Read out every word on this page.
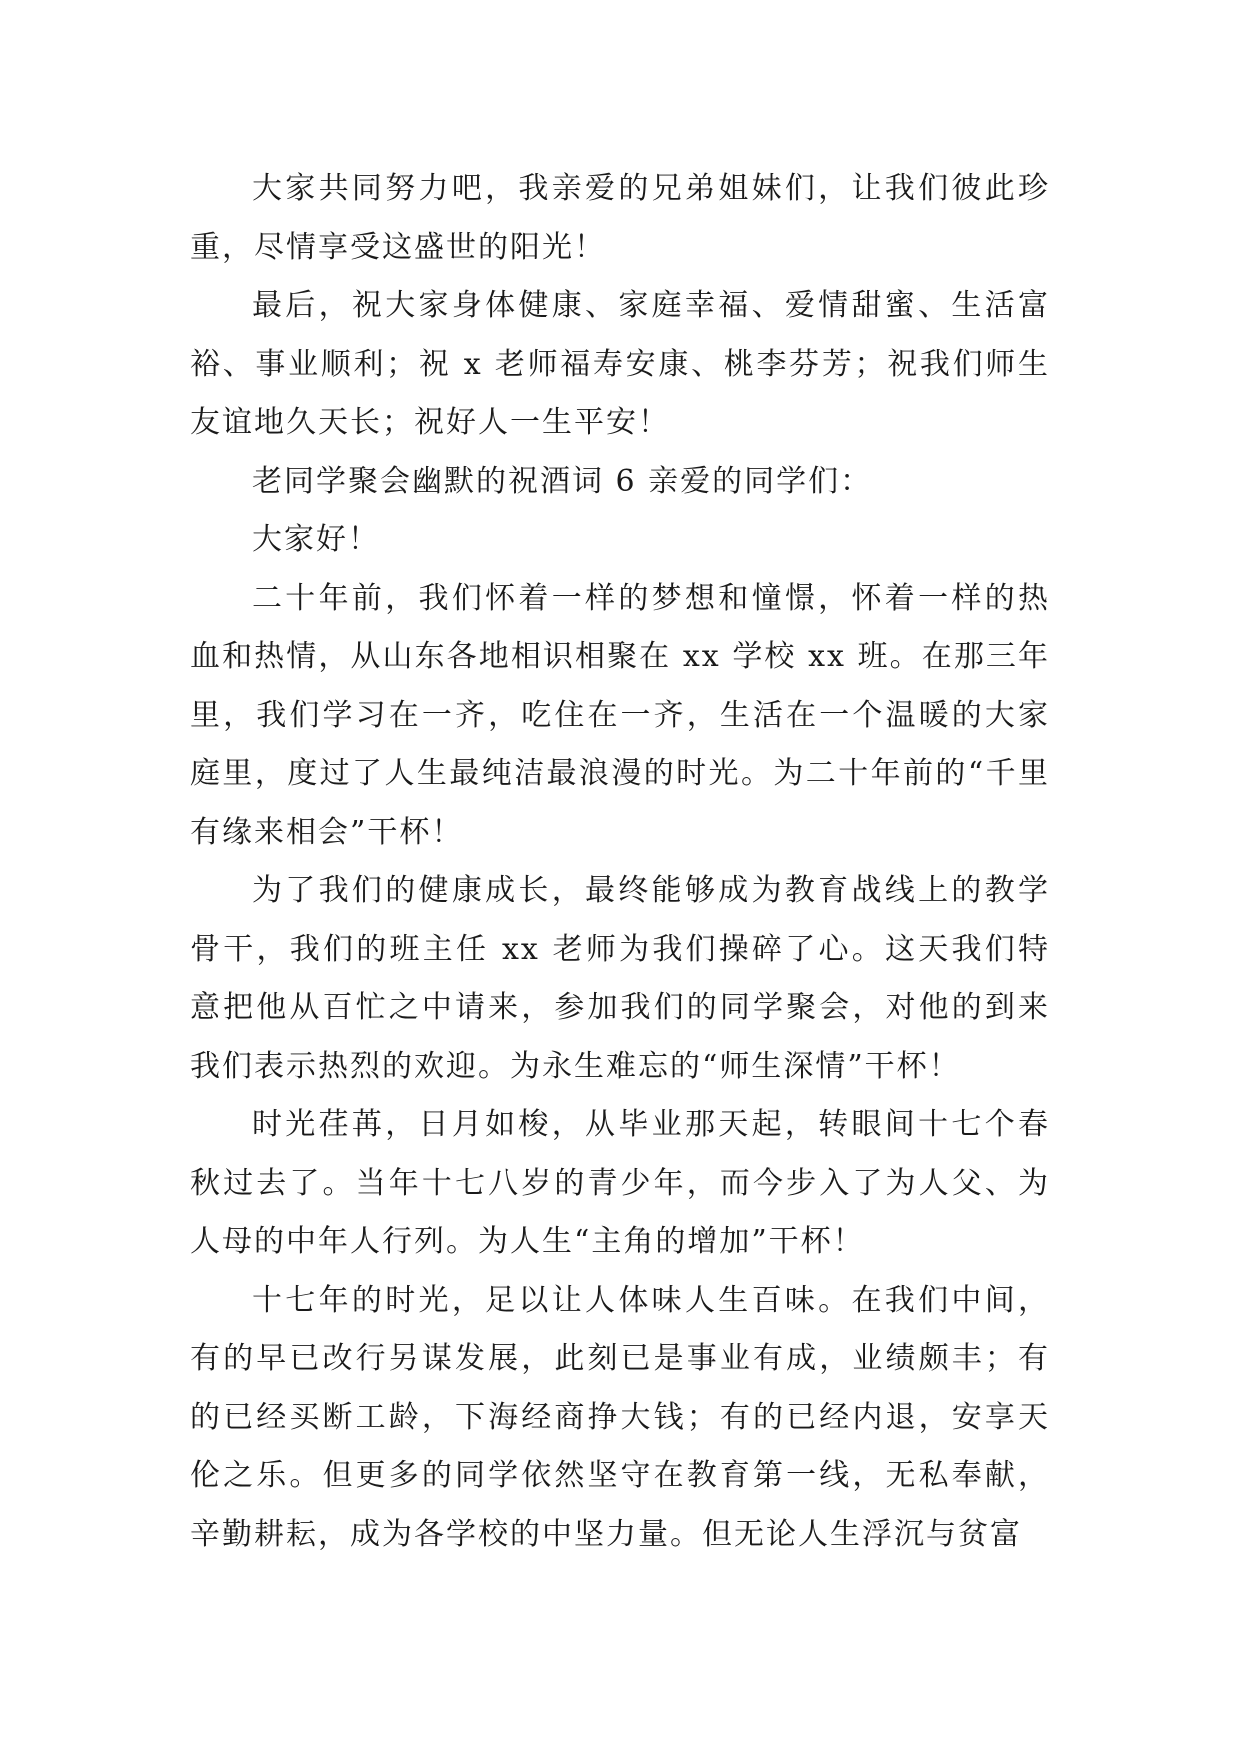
大家共同努力吧，我亲爱的兄弟姐妹们，让我们彼此珍重，尽情享受这盛世的阳光！

最后，祝大家身体健康、家庭幸福、爱情甜蜜、生活富裕、事业顺利；祝 x 老师福寿安康、桃李芬芳；祝我们师生友谊地久天长；祝好人一生平安！

老同学聚会幽默的祝酒词 6 亲爱的同学们：

大家好！

二十年前，我们怀着一样的梦想和憧憬，怀着一样的热血和热情，从山东各地相识相聚在 xx 学校 xx 班。在那三年里，我们学习在一齐，吃住在一齐，生活在一个温暖的大家庭里，度过了人生最纯洁最浪漫的时光。为二十年前的“千里有缘来相会”干杯！

为了我们的健康成长，最终能够成为教育战线上的教学骨干，我们的班主任 xx 老师为我们操碎了心。这天我们特意把他从百忙之中请来，参加我们的同学聚会，对他的到来我们表示热烈的欢迎。为永生难忘的“师生深情”干杯！

时光荏苒，日月如梭，从毕业那天起，转眼间十七个春秋过去了。当年十七八岁的青少年，而今步入了为人父、为人母的中年人行列。为人生“主角的增加”干杯！

十七年的时光，足以让人体味人生百味。在我们中间，有的早已改行另谋发展，此刻已是事业有成，业绩颇丰；有的已经买断工龄，下海经商挣大钱；有的已经内退，安享天伦之乐。但更多的同学依然坚守在教育第一线，无私奉献，辛勤耕耘，成为各学校的中坚力量。但无论人生浮沉与贫富
